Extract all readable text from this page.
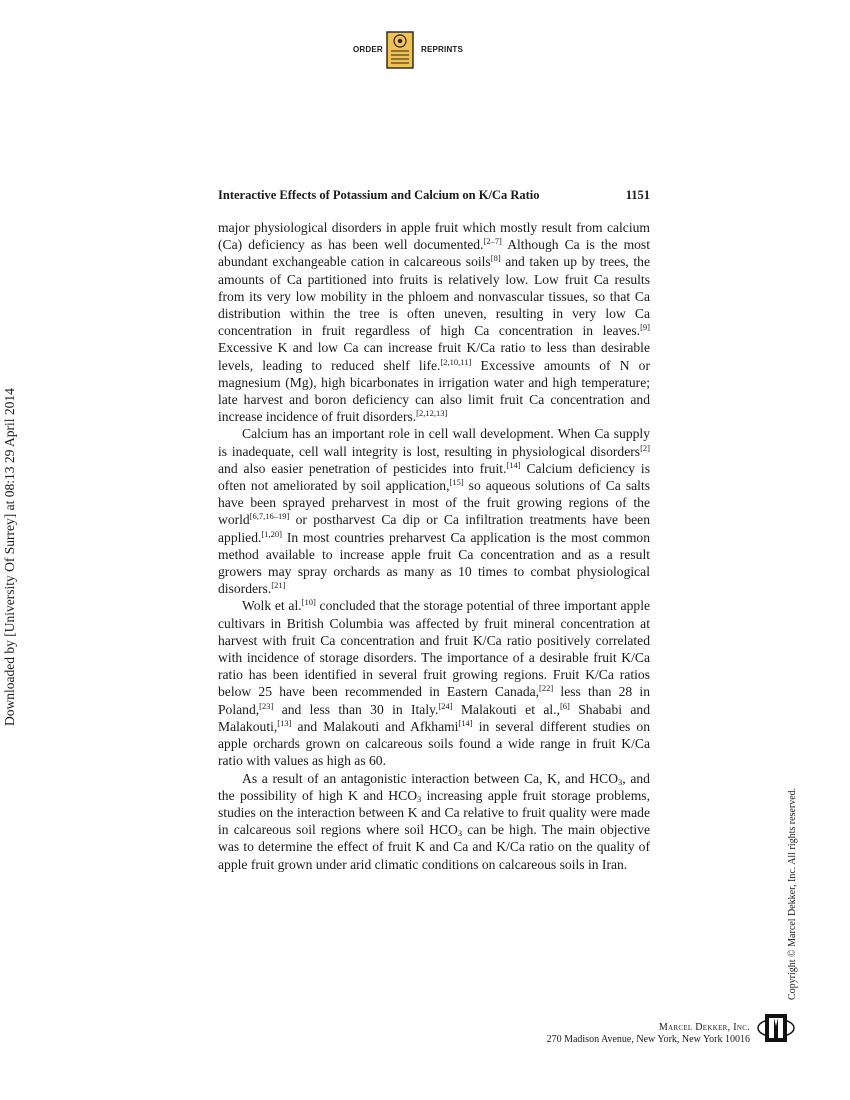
ORDER	REPRINTS
Interactive Effects of Potassium and Calcium on K/Ca Ratio	1151

major physiological disorders in apple fruit which mostly result from calcium (Ca) deficiency as has been well documented.[2–7] Although Ca is the most abundant exchangeable cation in calcareous soils[8] and taken up by trees, the amounts of Ca partitioned into fruits is relatively low. Low fruit Ca results from its very low mobility in the phloem and nonvascular tissues, so that Ca distribution within the tree is often uneven, resulting in very low Ca concentration in fruit regardless of high Ca concentration in leaves.[9] Excessive K and low Ca can increase fruit K/Ca ratio to less than desirable levels, leading to reduced shelf life.[2,10,11] Excessive amounts of N or magnesium (Mg), high bicarbonates in irrigation water and high temperature; late harvest and boron deficiency can also limit fruit Ca concentration and increase incidence of fruit disorders.[2,12,13]

Calcium has an important role in cell wall development. When Ca supply is inadequate, cell wall integrity is lost, resulting in physiological disorders[2] and also easier penetration of pesticides into fruit.[14] Calcium deficiency is often not ameliorated by soil application,[15] so aqueous solutions of Ca salts have been sprayed preharvest in most of the fruit growing regions of the world[6,7,16–19] or postharvest Ca dip or Ca infiltration treatments have been applied.[1,20] In most countries preharvest Ca application is the most common method available to increase apple fruit Ca concentration and as a result growers may spray orchards as many as 10 times to combat physiological disorders.[21]

Wolk et al.[10] concluded that the storage potential of three important apple cultivars in British Columbia was affected by fruit mineral concentration at harvest with fruit Ca concentration and fruit K/Ca ratio positively correlated with incidence of storage disorders. The importance of a desirable fruit K/Ca ratio has been identified in several fruit growing regions. Fruit K/Ca ratios below 25 have been recommended in Eastern Canada,[22] less than 28 in Poland,[23] and less than 30 in Italy.[24] Malakouti et al.,[6] Shababi and Malakouti,[13] and Malakouti and Afkhami[14] in several different studies on apple orchards grown on calcareous soils found a wide range in fruit K/Ca ratio with values as high as 60.

As a result of an antagonistic interaction between Ca, K, and $HCO_3$, and the possibility of high K and $HCO_3$ increasing apple fruit storage problems, studies on the interaction between K and Ca relative to fruit quality were made in calcareous soil regions where soil $HCO_3$ can be high. The main objective was to determine the effect of fruit K and Ca and K/Ca ratio on the quality of apple fruit grown under arid climatic conditions on calcareous soils in Iran.

Downloaded by [University Of Surrey] at 08:13 29 April 2014
Copyright © Marcel Dekker, Inc. All rights reserved.
Marcel Dekker, Inc.
270 Madison Avenue, New York, New York 10016
